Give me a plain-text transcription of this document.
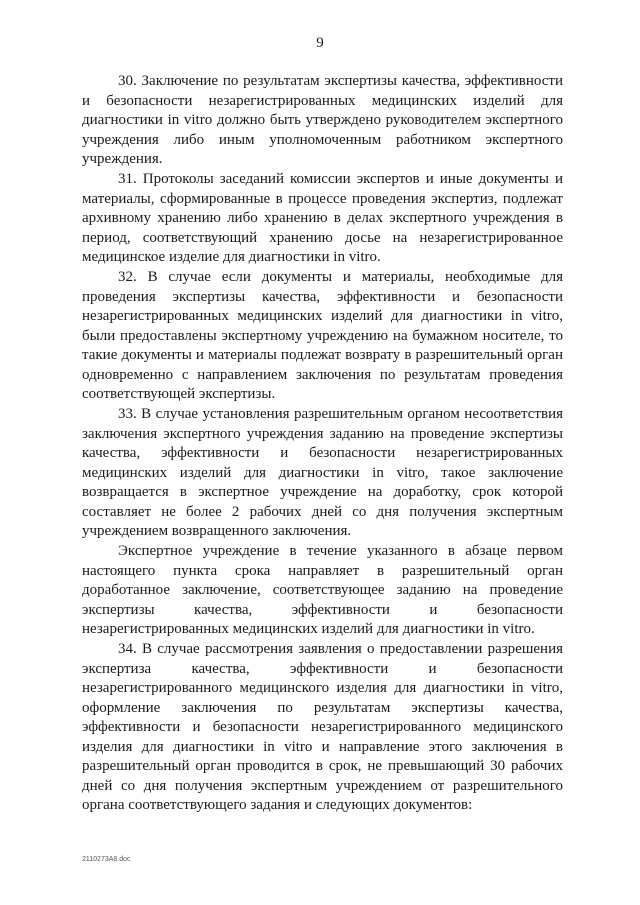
9

30. Заключение по результатам экспертизы качества, эффективности и безопасности незарегистрированных медицинских изделий для диагностики in vitro должно быть утверждено руководителем экспертного учреждения либо иным уполномоченным работником экспертного учреждения.

31. Протоколы заседаний комиссии экспертов и иные документы и материалы, сформированные в процессе проведения экспертиз, подлежат архивному хранению либо хранению в делах экспертного учреждения в период, соответствующий хранению досье на незарегистрированное медицинское изделие для диагностики in vitro.

32. В случае если документы и материалы, необходимые для проведения экспертизы качества, эффективности и безопасности незарегистрированных медицинских изделий для диагностики in vitro, были предоставлены экспертному учреждению на бумажном носителе, то такие документы и материалы подлежат возврату в разрешительный орган одновременно с направлением заключения по результатам проведения соответствующей экспертизы.

33. В случае установления разрешительным органом несоответствия заключения экспертного учреждения заданию на проведение экспертизы качества, эффективности и безопасности незарегистрированных медицинских изделий для диагностики in vitro, такое заключение возвращается в экспертное учреждение на доработку, срок которой составляет не более 2 рабочих дней со дня получения экспертным учреждением возвращенного заключения.

Экспертное учреждение в течение указанного в абзаце первом настоящего пункта срока направляет в разрешительный орган доработанное заключение, соответствующее заданию на проведение экспертизы качества, эффективности и безопасности незарегистрированных медицинских изделий для диагностики in vitro.

34. В случае рассмотрения заявления о предоставлении разрешения экспертиза качества, эффективности и безопасности незарегистрированного медицинского изделия для диагностики in vitro, оформление заключения по результатам экспертизы качества, эффективности и безопасности незарегистрированного медицинского изделия для диагностики in vitro и направление этого заключения в разрешительный орган проводится в срок, не превышающий 30 рабочих дней со дня получения экспертным учреждением от разрешительного органа соответствующего задания и следующих документов:

2110273А8.doc
